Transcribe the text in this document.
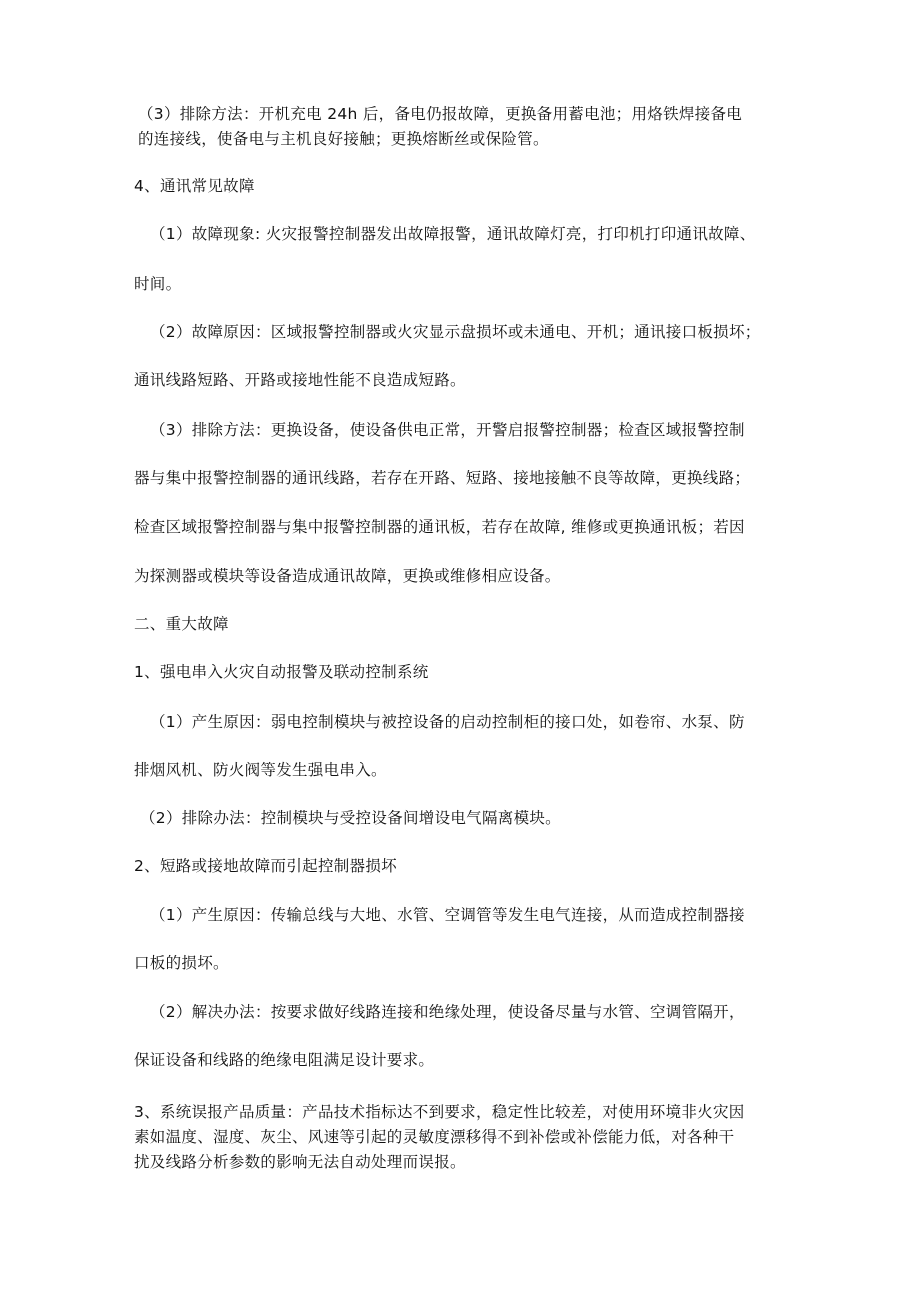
（3）排除方法：开机充电 24h 后，备电仍报故障，更换备用蓄电池；用烙铁焊接备电
的连接线，使备电与主机良好接触；更换熔断丝或保险管。
4、通讯常见故障
（1）故障现象: 火灾报警控制器发出故障报警，通讯故障灯亮，打印机打印通讯故障、
时间。
（2）故障原因：区域报警控制器或火灾显示盘损坏或未通电、开机；通讯接口板损坏；
通讯线路短路、开路或接地性能不良造成短路。
（3）排除方法：更换设备，使设备供电正常，开警启报警控制器；检查区域报警控制
器与集中报警控制器的通讯线路，若存在开路、短路、接地接触不良等故障，更换线路；
检查区域报警控制器与集中报警控制器的通讯板，若存在故障, 维修或更换通讯板；若因
为探测器或模块等设备造成通讯故障，更换或维修相应设备。
二、重大故障
1、强电串入火灾自动报警及联动控制系统
（1）产生原因：弱电控制模块与被控设备的启动控制柜的接口处，如卷帘、水泵、防
排烟风机、防火阀等发生强电串入。
（2）排除办法：控制模块与受控设备间增设电气隔离模块。
2、短路或接地故障而引起控制器损坏
（1）产生原因：传输总线与大地、水管、空调管等发生电气连接，从而造成控制器接
口板的损坏。
（2）解决办法：按要求做好线路连接和绝缘处理，使设备尽量与水管、空调管隔开，
保证设备和线路的绝缘电阻满足设计要求。
3、系统误报产品质量：产品技术指标达不到要求，稳定性比较差，对使用环境非火灾因
素如温度、湿度、灰尘、风速等引起的灵敏度漂移得不到补偿或补偿能力低，对各种干
扰及线路分析参数的影响无法自动处理而误报。
